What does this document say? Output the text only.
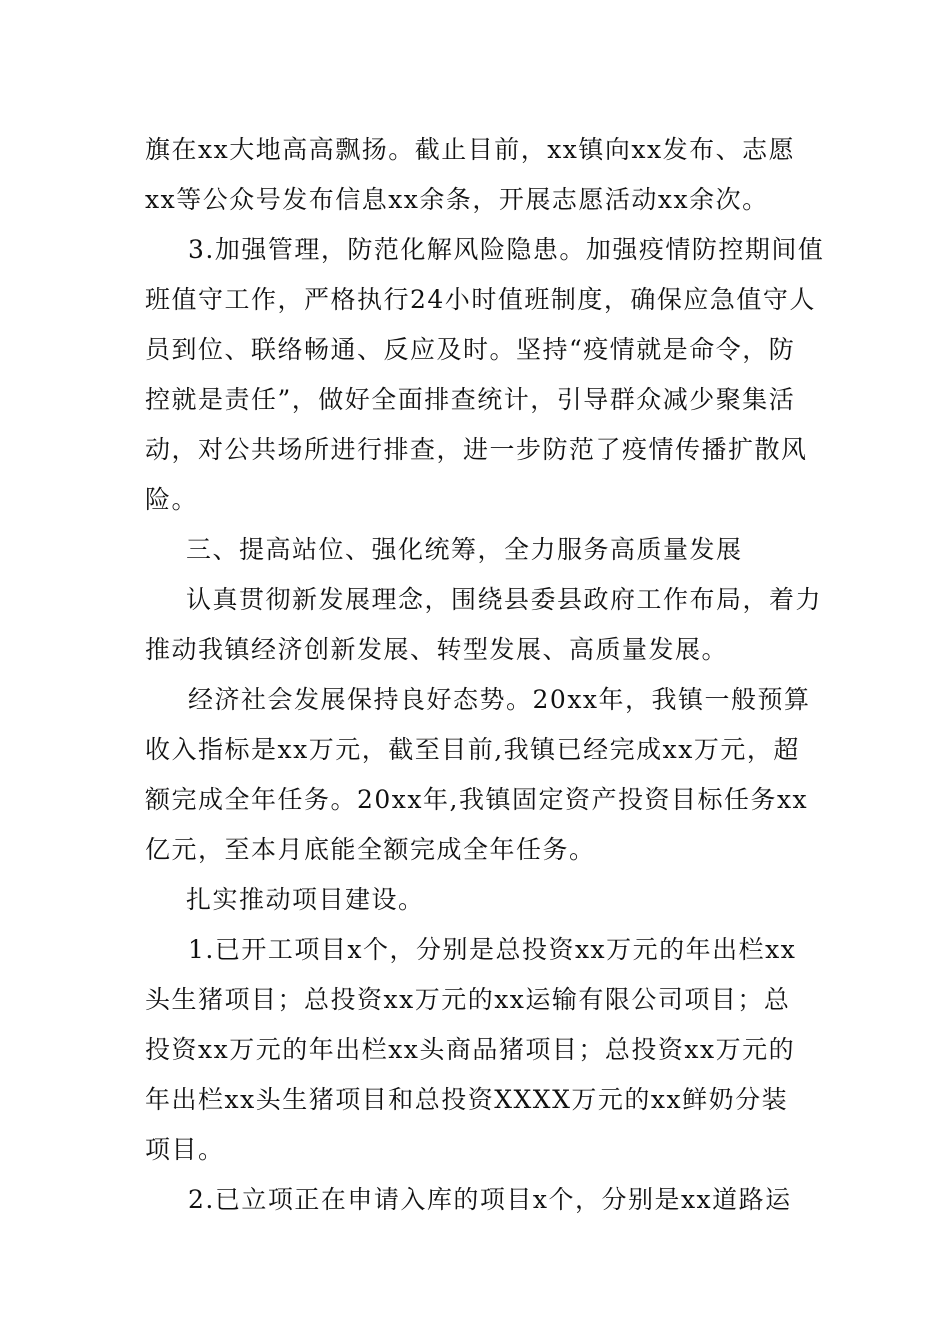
旗在xx大地高高飘扬。截止目前，xx镇向xx发布、志愿
xx等公众号发布信息xx余条，开展志愿活动xx余次。
3.加强管理，防范化解风险隐患。加强疫情防控期间值
班值守工作，严格执行24小时值班制度，确保应急值守人
员到位、联络畅通、反应及时。坚持“疫情就是命令，防
控就是责任”，做好全面排查统计，引导群众减少聚集活
动，对公共场所进行排查，进一步防范了疫情传播扩散风
险。
三、提高站位、强化统筹，全力服务高质量发展
认真贯彻新发展理念，围绕县委县政府工作布局，着力
推动我镇经济创新发展、转型发展、高质量发展。
经济社会发展保持良好态势。20xx年，我镇一般预算
收入指标是xx万元，截至目前,我镇已经完成xx万元，超
额完成全年任务。20xx年,我镇固定资产投资目标任务xx
亿元，至本月底能全额完成全年任务。
扎实推动项目建设。
1.已开工项目x个，分别是总投资xx万元的年出栏xx
头生猪项目；总投资xx万元的xx运输有限公司项目；总
投资xx万元的年出栏xx头商品猪项目；总投资xx万元的
年出栏xx头生猪项目和总投资XXXX万元的xx鲜奶分装
项目。
2.已立项正在申请入库的项目x个，分别是xx道路运
